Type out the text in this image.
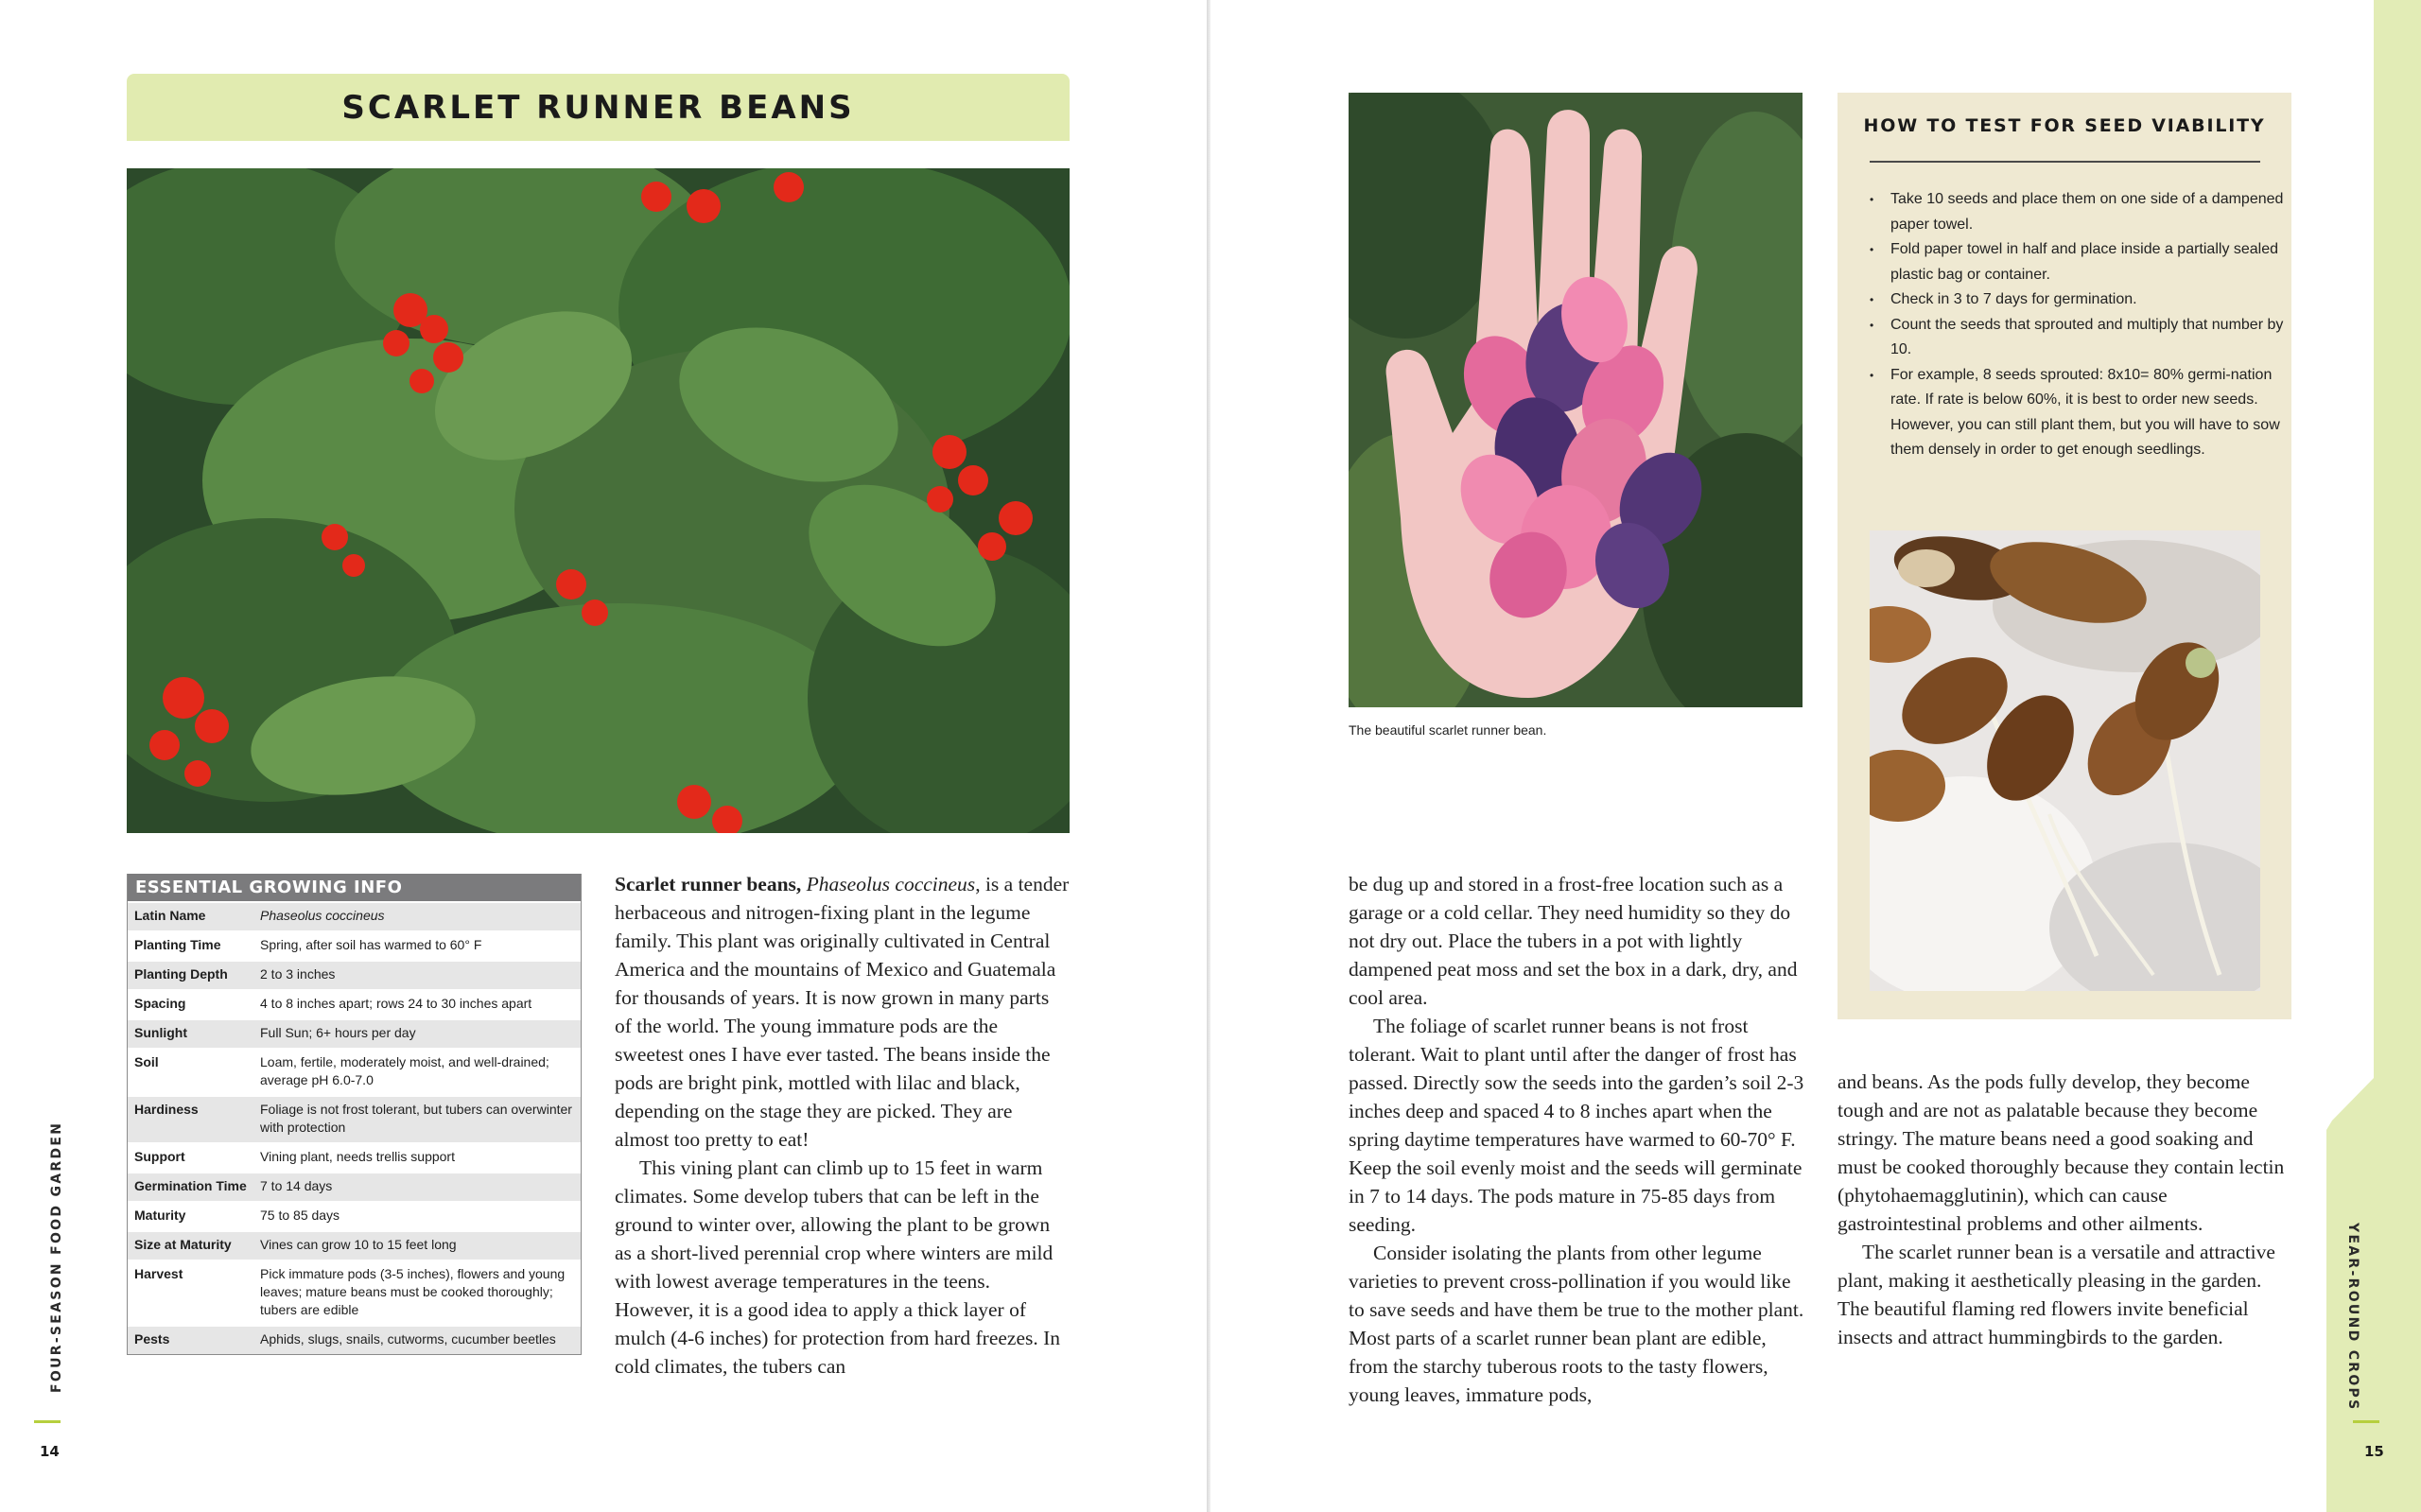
SCARLET RUNNER BEANS
ESSENTIAL GROWING INFO
Latin Name	Phaseolus coccineus
Planting Time	Spring, after soil has warmed to 60° F
Planting Depth	2 to 3 inches
Spacing	4 to 8 inches apart; rows 24 to 30 inches apart
Sunlight	Full Sun; 6+ hours per day
Soil	Loam, fertile, moderately moist, and well-drained; average pH 6.0-7.0
Hardiness	Foliage is not frost tolerant, but tubers can overwinter with protection
Support	Vining plant, needs trellis support
Germination Time	7 to 14 days
Maturity	75 to 85 days
Size at Maturity	Vines can grow 10 to 15 feet long
Harvest	Pick immature pods (3-5 inches), flowers and young leaves; mature beans must be cooked thoroughly; tubers are edible
Pests	Aphids, slugs, snails, cutworms, cucumber beetles

Scarlet runner beans, Phaseolus coccineus, is a tender herbaceous and nitrogen-fixing plant in the legume family. This plant was originally cultivated in Central America and the mountains of Mexico and Guatemala for thousands of years. It is now grown in many parts of the world. The young immature pods are the sweetest ones I have ever tasted. The beans inside the pods are bright pink, mottled with lilac and black, depending on the stage they are picked. They are almost too pretty to eat!

This vining plant can climb up to 15 feet in warm climates. Some develop tubers that can be left in the ground to winter over, allowing the plant to be grown as a short-lived perennial crop where winters are mild with lowest average temperatures in the teens. However, it is a good idea to apply a thick layer of mulch (4-6 inches) for protection from hard freezes. In cold climates, the tubers can

FOUR-SEASON FOOD GARDEN
14
The beautiful scarlet runner bean.
HOW TO TEST FOR SEED VIABILITY
• Take 10 seeds and place them on one side of a dampened paper towel.
• Fold paper towel in half and place inside a partially sealed plastic bag or container.
• Check in 3 to 7 days for germination.
• Count the seeds that sprouted and multiply that number by 10.
• For example, 8 seeds sprouted: 8x10= 80% germi-nation rate. If rate is below 60%, it is best to order new seeds. However, you can still plant them, but you will have to sow them densely in order to get enough seedlings.

be dug up and stored in a frost-free location such as a garage or a cold cellar. They need humidity so they do not dry out. Place the tubers in a pot with lightly dampened peat moss and set the box in a dark, dry, and cool area.

The foliage of scarlet runner beans is not frost tolerant. Wait to plant until after the danger of frost has passed. Directly sow the seeds into the garden’s soil 2-3 inches deep and spaced 4 to 8 inches apart when the spring daytime temperatures have warmed to 60-70° F. Keep the soil evenly moist and the seeds will germinate in 7 to 14 days. The pods mature in 75-85 days from seeding.

Consider isolating the plants from other legume varieties to prevent cross-pollination if you would like to save seeds and have them be true to the mother plant. Most parts of a scarlet runner bean plant are edible, from the starchy tuberous roots to the tasty flowers, young leaves, immature pods,

and beans. As the pods fully develop, they become tough and are not as palatable because they become stringy. The mature beans need a good soaking and must be cooked thoroughly because they contain lectin (phytohaemagglutinin), which can cause gastrointestinal problems and other ailments.

The scarlet runner bean is a versatile and attractive plant, making it aesthetically pleasing in the garden. The beautiful flaming red flowers invite beneficial insects and attract hummingbirds to the garden.	YEAR-ROUND CROPS
15
